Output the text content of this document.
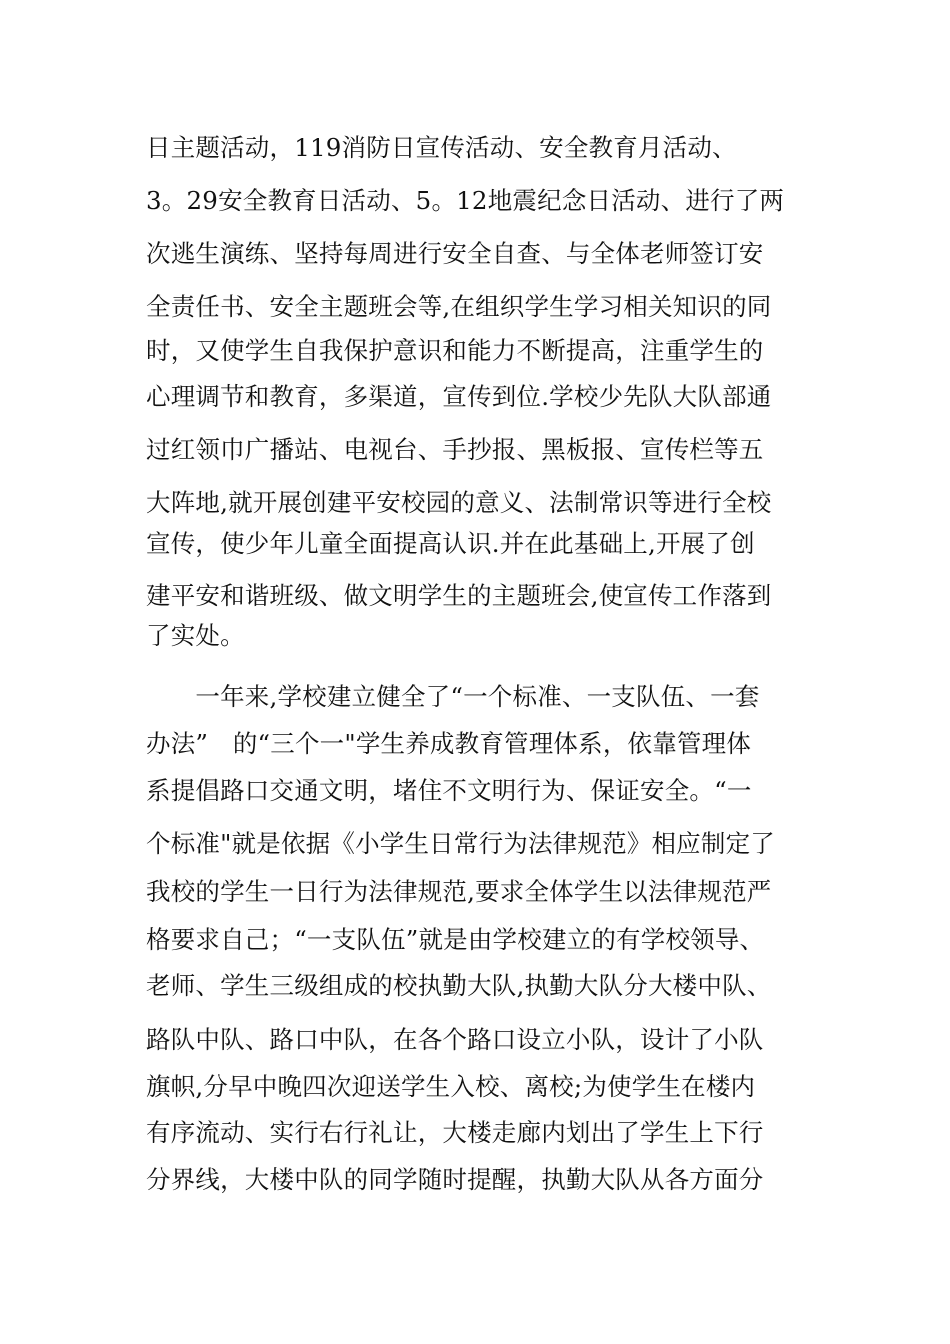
日主题活动，119消防日宣传活动、安全教育月活动、
3。29安全教育日活动、5。12地震纪念日活动、进行了两
次逃生演练、坚持每周进行安全自查、与全体老师签订安
全责任书、安全主题班会等,在组织学生学习相关知识的同
时，又使学生自我保护意识和能力不断提高，注重学生的
心理调节和教育，多渠道，宣传到位.学校少先队大队部通
过红领巾广播站、电视台、手抄报、黑板报、宣传栏等五
大阵地,就开展创建平安校园的意义、法制常识等进行全校
宣传，使少年儿童全面提高认识.并在此基础上,开展了创
建平安和谐班级、做文明学生的主题班会,使宣传工作落到
了实处。
　　一年来,学校建立健全了“一个标准、一支队伍、一套
办法”　的“三个一"学生养成教育管理体系，依靠管理体
系提倡路口交通文明，堵住不文明行为、保证安全。“一
个标准"就是依据《小学生日常行为法律规范》相应制定了
我校的学生一日行为法律规范,要求全体学生以法律规范严
格要求自己；“一支队伍”就是由学校建立的有学校领导、
老师、学生三级组成的校执勤大队,执勤大队分大楼中队、
路队中队、路口中队，在各个路口设立小队，设计了小队
旗帜,分早中晚四次迎送学生入校、离校;为使学生在楼内
有序流动、实行右行礼让，大楼走廊内划出了学生上下行
分界线，大楼中队的同学随时提醒，执勤大队从各方面分
